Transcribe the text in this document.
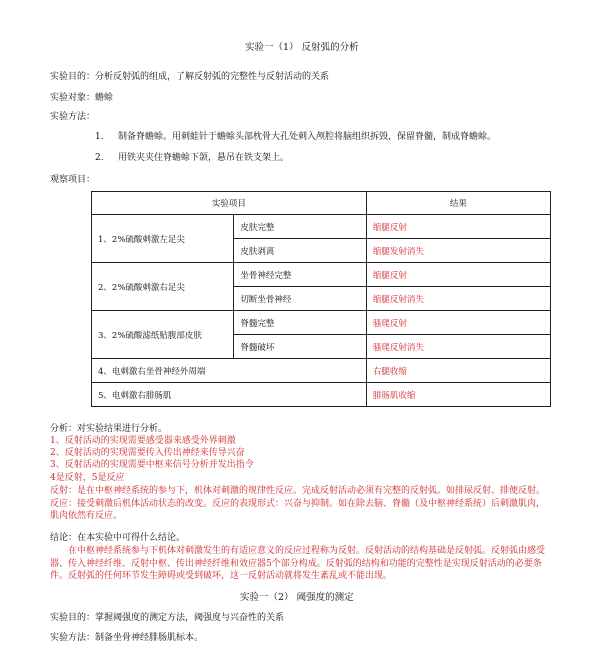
实验一（1） 反射弧的分析
实验目的：分析反射弧的组成，了解反射弧的完整性与反射活动的关系
实验对象：蟾蜍
实验方法：
1. 制备脊蟾蜍。用刺蛙针于蟾蜍头部枕骨大孔处刺入颅腔将脑组织拆毁，保留脊髓，制成脊蟾蜍。
2. 用铁夹夹住脊蟾蜍下颌，悬吊在铁支架上。
观察项目：
实验项目		结果
1、2%硫酸刺激左足尖	皮肤完整	缩腿反射
	皮肤剥离	缩腿发射消失
2、2%硫酸刺激右足尖	坐骨神经完整	缩腿反射
	切断坐骨神经	缩腿反射消失
3、2%硫酸滤纸贴腹部皮肤	脊髓完整	骚爬反射
	脊髓破坏	骚爬反射消失
4、电刺激右坐骨神经外周端		右腿收缩
5、电刺激右腓肠肌		腓肠肌收缩
分析：对实验结果进行分析。
1、反射活动的实现需要感受器来感受外界刺激
2、反射活动的实现需要传入传出神经来传导兴奋
3、反射活动的实现需要中枢来信号分析并发出指令
4是反射，5是反应
反射：是在中枢神经系统的参与下，机体对刺激的规律性反应。完成反射活动必须有完整的反射弧。如排尿反射、排便反射。反应：接受刺激后机体活动状态的改变。反应的表现形式：兴奋与抑制。如在除去脑、脊髓（及中枢神经系统）后刺激肌肉，肌肉依然有反应。
结论：在本实验中可得什么结论。
在中枢神经系统参与下机体对刺激发生的有适应意义的反应过程称为反射。反射活动的结构基础是反射弧。反射弧由感受器、传入神经纤维、反射中枢、传出神经纤维和效应器5个部分构成。反射弧的结构和功能的完整性是实现反射活动的必要条件。反射弧的任何环节发生障碍或受到破坏，这一反射活动就将发生紊乱或不能出现。
实验一（2） 阈强度的测定
实验目的：掌握阈强度的测定方法，阈强度与兴奋性的关系
实验方法：制备坐骨神经腓肠肌标本。
